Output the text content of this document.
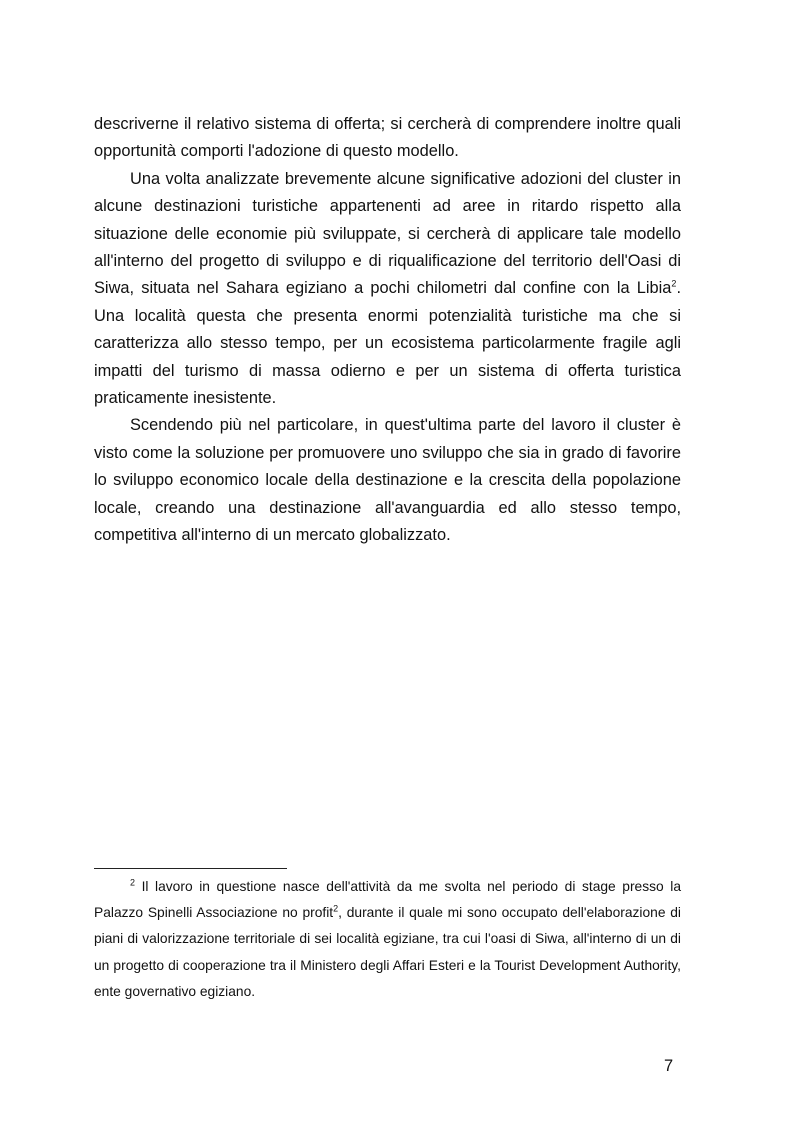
descriverne il relativo sistema di offerta; si cercherà di comprendere inoltre quali opportunità comporti l'adozione di questo modello.

Una volta analizzate brevemente alcune significative adozioni del cluster in alcune destinazioni turistiche appartenenti ad aree in ritardo rispetto alla situazione delle economie più sviluppate, si cercherà di applicare tale modello all'interno del progetto di sviluppo e di riqualificazione del territorio dell'Oasi di Siwa, situata nel Sahara egiziano a pochi chilometri dal confine con la Libia$^2$. Una località questa che presenta enormi potenzialità turistiche ma che si caratterizza allo stesso tempo, per un ecosistema particolarmente fragile agli impatti del turismo di massa odierno e per un sistema di offerta turistica praticamente inesistente.

Scendendo più nel particolare, in quest'ultima parte del lavoro il cluster è visto come la soluzione per promuovere uno sviluppo che sia in grado di favorire lo sviluppo economico locale della destinazione e la crescita della popolazione locale, creando una destinazione all'avanguardia ed allo stesso tempo, competitiva all'interno di un mercato globalizzato.

$^2$ Il lavoro in questione nasce dell'attività da me svolta nel periodo di stage presso la Palazzo Spinelli Associazione no profit$^2$, durante il quale mi sono occupato dell'elaborazione di piani di valorizzazione territoriale di sei località egiziane, tra cui l'oasi di Siwa, all'interno di un di un progetto di cooperazione tra il Ministero degli Affari Esteri e la Tourist Development Authority, ente governativo egiziano.

7
